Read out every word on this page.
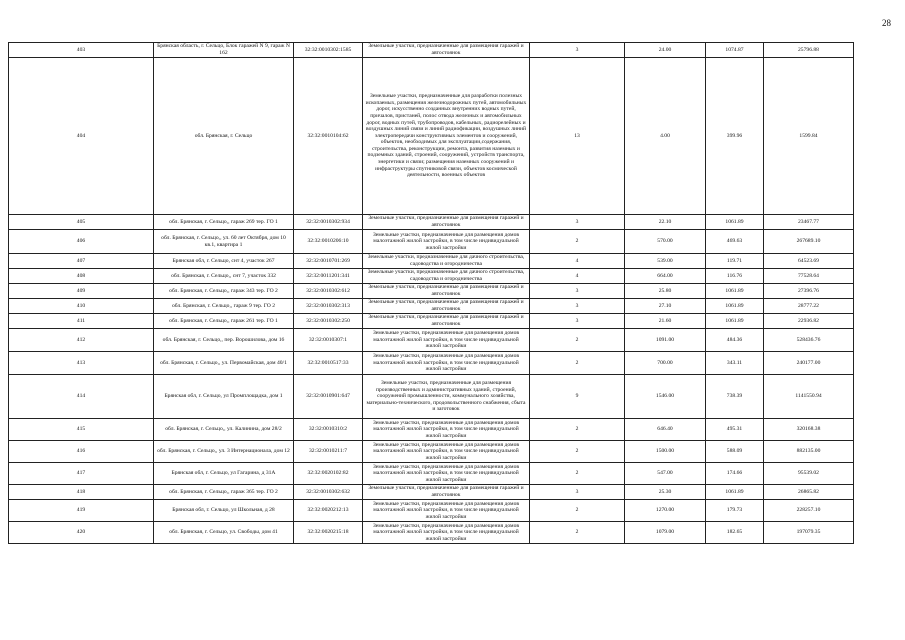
28
403	Брянская область, г. Сельцо, Блок гаражей N 9, гараж N 162	32:32:0010302:1585	Земельные участки, предназначенные для размещения гаражей и автостоянок	3	24.00	1074.87	25796.88
404	обл. Брянская, г. Сельцо	32:32:0010104:62	Земельные участки, предназначенные для разработки полезных ископаемых, размещения железнодорожных путей, автомобильных дорог, искусственно созданных внутренних водных путей, причалов, пристаней, полос отвода железных и автомобильных дорог, водных путей, трубопроводов, кабельных, радиорелейных и воздушных линий связи и линий радиофикации, воздушных линий электропередачи конструктивных элементов и сооружений, объектов, необходимых для эксплуатации,содержания, строительства, реконструкции, ремонта, развития наземных и подземных зданий, строений, сооружений, устройств транспорта, энергетики и связи; размещения наземных сооружений и инфраструктуры спутниковой связи, объектов космической деятельности, военных объектов	13	4.00	399.96	1599.84
405	обл. Брянская, г. Сельцо,, гараж 269 тер. ГО 1	32:32:0010302:934	Земельные участки, предназначенные для размещения гаражей и автостоянок	3	22.10	1061.89	23467.77
406	обл. Брянская, г. Сельцо,, ул. 60 лет Октября, дом 10 кв.1, квартира 1	32:32:0010206:10	Земельные участки, предназначенные для размещения домов малоэтажной жилой застройки, в том числе индивидуальной жилой застройки	2	570.00	469.63	267689.10
407	Брянская обл, г. Сельцо, снт 4, участок 267	32:32:0010701:269	Земельные участки, предназначенные для дачного строительства, садоводства и огородничества	4	539.00	119.71	64523.69
408	обл. Брянская, г. Сельцо,, снт 7, участок 332	32:32:0011201:341	Земельные участки, предназначенные для дачного строительства, садоводства и огородничества	4	664.00	116.76	77528.64
409	обл. Брянская, г. Сельцо,, гараж 343 тер. ГО 2	32:32:0010302:612	Земельные участки, предназначенные для размещения гаражей и автостоянок	3	25.80	1061.89	27396.76
410	обл. Брянская, г. Сельцо,, гараж 9 тер. ГО 2	32:32:0010302:313	Земельные участки, предназначенные для размещения гаражей и автостоянок	3	27.10	1061.89	28777.22
411	обл. Брянская, г. Сельцо,, гараж 261 тер. ГО 1	32:32:0010302:250	Земельные участки, предназначенные для размещения гаражей и автостоянок	3	21.60	1061.89	22936.82
412	обл. Брянская, г. Сельцо,, пер. Ворошилова, дом 16	32:32:0010307:1	Земельные участки, предназначенные для размещения домов малоэтажной жилой застройки, в том числе индивидуальной жилой застройки	2	1091.00	484.36	528436.76
413	обл. Брянская, г. Сельцо,, ул. Первомайская, дом 40/1	32:32:0010517:33	Земельные участки, предназначенные для размещения домов малоэтажной жилой застройки, в том числе индивидуальной жилой застройки	2	700.00	343.11	240177.00
414	Брянская обл, г. Сельцо, ул Промплощадка, дом 1	32:32:0010901:647	Земельные участки, предназначенные для размещения производственных и административных зданий, строений, сооружений промышленности, коммунального хозяйства, материально-технического, продовольственного снабжения, сбыта и заготовок	9	1546.00	738.39	1141550.94
415	обл. Брянская, г. Сельцо,, ул. Калинина, дом 28/2	32:32:0010310:2	Земельные участки, предназначенные для размещения домов малоэтажной жилой застройки, в том числе индивидуальной жилой застройки	2	646.40	495.31	320168.38
416	обл. Брянская, г. Сельцо,, ул. 3 Интернационала, дом 12	32:32:0010211:7	Земельные участки, предназначенные для размещения домов малоэтажной жилой застройки, в том числе индивидуальной жилой застройки	2	1500.00	588.09	882135.00
417	Брянская обл, г. Сельцо, ул Гагарина, д 31А	32:32:0020102:82	Земельные участки, предназначенные для размещения домов малоэтажной жилой застройки, в том числе индивидуальной жилой застройки	2	547.00	174.66	95539.02
418	обл. Брянская, г. Сельцо,, гараж 365 тер. ГО 2	32:32:0010302:632	Земельные участки, предназначенные для размещения гаражей и автостоянок	3	25.30	1061.89	26865.82
419	Брянская обл, г. Сельцо, ул Школьная, д 28	32:32:0020212:13	Земельные участки, предназначенные для размещения домов малоэтажной жилой застройки, в том числе индивидуальной жилой застройки	2	1270.00	179.73	228257.10
420	обл. Брянская, г. Сельцо, ул. Свободы, дом 41	32:32:0020215:18	Земельные участки, предназначенные для размещения домов малоэтажной жилой застройки, в том числе индивидуальной жилой застройки	2	1079.00	182.65	197079.35
